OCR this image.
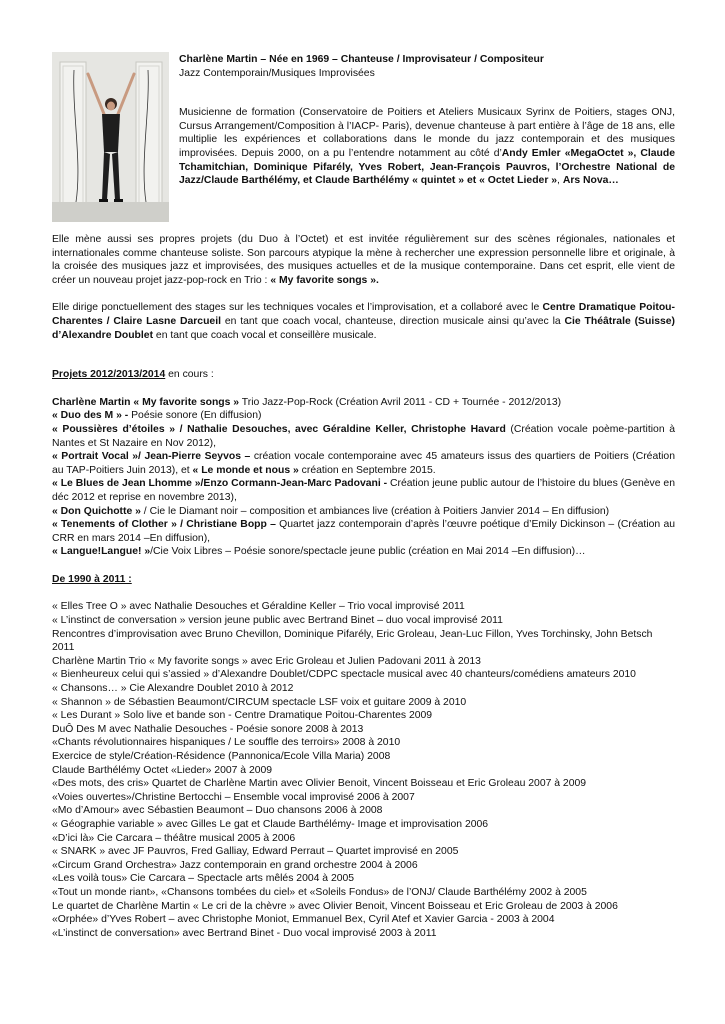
Charlène Martin – Née en 1969 – Chanteuse / Improvisateur / Compositeur
Jazz Contemporain/Musiques Improvisées

Musicienne de formation (Conservatoire de Poitiers et Ateliers Musicaux Syrinx de Poitiers, stages ONJ, Cursus Arrangement/Composition à l’IACP- Paris), devenue chanteuse à part entière à l’âge de 18 ans, elle multiplie les expériences et collaborations dans le monde du jazz contemporain et des musiques improvisées. Depuis 2000, on a pu l’entendre notamment au côté d’Andy Emler «MegaOctet », Claude Tchamitchian, Dominique Pifarély, Yves Robert, Jean-François Pauvros, l’Orchestre National de Jazz/Claude Barthélémy, et Claude Barthélémy « quintet » et « Octet Lieder », Ars Nova…

Elle mène aussi ses propres projets (du Duo à l’Octet) et est invitée régulièrement sur des scènes régionales, nationales et internationales comme chanteuse soliste. Son parcours atypique la mène à rechercher une expression personnelle libre et originale, à la croisée des musiques jazz et improvisées, des musiques actuelles et de la musique contemporaine. Dans cet esprit, elle vient de créer un nouveau projet jazz-pop-rock en Trio : « My favorite songs ».

Elle dirige ponctuellement des stages sur les techniques vocales et l’improvisation, et a collaboré avec le Centre Dramatique Poitou-Charentes / Claire Lasne Darcueil en tant que coach vocal, chanteuse, direction musicale ainsi qu’avec la Cie Théâtrale (Suisse) d’Alexandre Doublet en tant que coach vocal et conseillère musicale.

Projets 2012/2013/2014 en cours :

Charlène Martin « My favorite songs » Trio Jazz-Pop-Rock (Création Avril 2011 - CD + Tournée - 2012/2013)

« Duo des M » - Poésie sonore (En diffusion)

« Poussières d’étoiles » / Nathalie Desouches, avec Géraldine Keller, Christophe Havard (Création vocale poème-partition à Nantes et St Nazaire en Nov 2012),

« Portrait Vocal »/ Jean-Pierre Seyvos – création vocale contemporaine avec 45 amateurs issus des quartiers de Poitiers (Création au TAP-Poitiers Juin 2013), et « Le monde et nous » création en Septembre 2015.

« Le Blues de Jean Lhomme »/Enzo Cormann-Jean-Marc Padovani - Création jeune public autour de l’histoire du blues (Genève en déc 2012 et reprise en novembre 2013),

« Don Quichotte » / Cie le Diamant noir – composition et ambiances live (création à Poitiers Janvier 2014 – En diffusion)

« Tenements of Clother » / Christiane Bopp – Quartet jazz contemporain d’après l’œuvre poétique d’Emily Dickinson – (Création au CRR en mars 2014 –En diffusion),

« Langue!Langue! »/Cie Voix Libres – Poésie sonore/spectacle jeune public (création en Mai 2014 –En diffusion)…

De 1990 à 2011 :
« Elles Tree O » avec Nathalie Desouches et Géraldine Keller – Trio vocal improvisé 2011
« L’instinct de conversation » version jeune public avec Bertrand Binet – duo vocal improvisé 2011
Rencontres d’improvisation avec Bruno Chevillon, Dominique Pifarély, Eric Groleau, Jean-Luc Fillon, Yves Torchinsky, John Betsch 2011
Charlène Martin Trio « My favorite songs » avec Eric Groleau et Julien Padovani 2011 à 2013
« Bienheureux celui qui s’assied » d’Alexandre Doublet/CDPC spectacle musical avec 40 chanteurs/comédiens amateurs 2010
« Chansons… » Cie Alexandre Doublet 2010 à 2012
« Shannon » de Sébastien Beaumont/CIRCUM spectacle LSF voix et guitare 2009 à 2010
« Les Durant » Solo live et bande son - Centre Dramatique Poitou-Charentes 2009
DuÔ Des M avec Nathalie Desouches - Poésie sonore 2008 à 2013
«Chants révolutionnaires hispaniques / Le souffle des terroirs» 2008 à 2010
Exercice de style/Création-Résidence (Pannonica/Ecole Villa Maria) 2008
Claude Barthélémy Octet «Lieder» 2007 à 2009
«Des mots, des cris» Quartet de Charlène Martin avec Olivier Benoit, Vincent Boisseau et Eric Groleau 2007 à 2009
«Voies ouvertes»/Christine Bertocchi – Ensemble vocal improvisé 2006 à 2007
«Mo d’Amour» avec Sébastien Beaumont – Duo chansons 2006 à 2008
« Géographie variable » avec Gilles Le gat et Claude Barthélémy- Image et improvisation 2006
«D’ici là» Cie Carcara – théâtre musical 2005 à 2006
« SNARK » avec JF Pauvros, Fred Galliay, Edward Perraut – Quartet improvisé en 2005
«Circum Grand Orchestra» Jazz contemporain en grand orchestre 2004 à 2006
«Les voilà tous» Cie Carcara – Spectacle arts mêlés 2004 à 2005
«Tout un monde riant», «Chansons tombées du ciel» et «Soleils Fondus» de l’ONJ/ Claude Barthélémy 2002 à 2005
Le quartet de Charlène Martin « Le cri de la chèvre » avec Olivier Benoit, Vincent Boisseau et Eric Groleau de 2003 à 2006
«Orphée» d’Yves Robert – avec Christophe Moniot, Emmanuel Bex, Cyril Atef et Xavier Garcia - 2003 à 2004
«L’instinct de conversation» avec Bertrand Binet - Duo vocal improvisé 2003 à 2011
